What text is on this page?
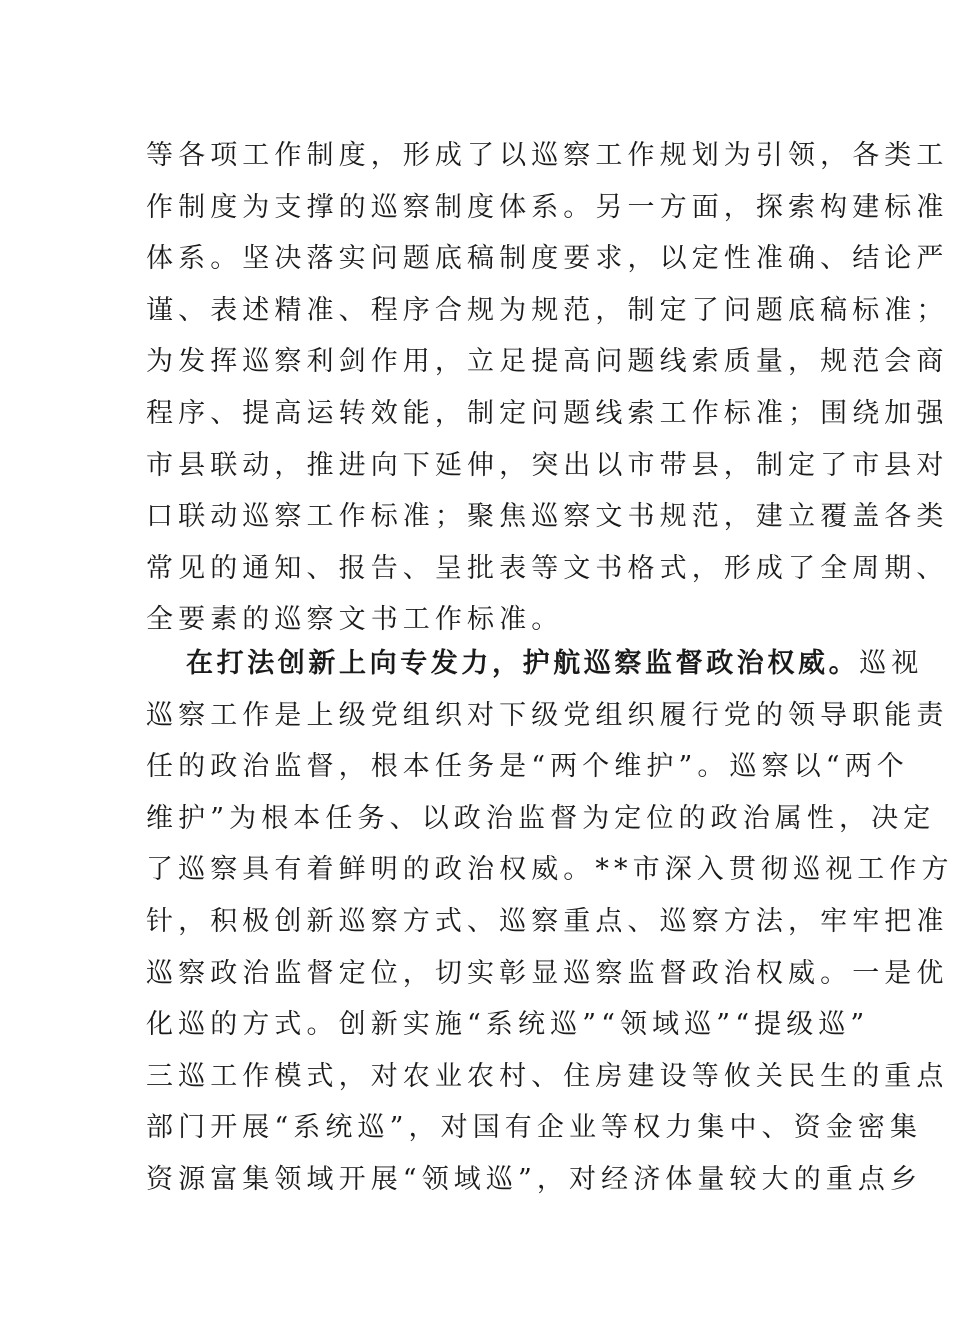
等各项工作制度，形成了以巡察工作规划为引领，各类工
作制度为支撑的巡察制度体系。另一方面，探索构建标准
体系。坚决落实问题底稿制度要求，以定性准确、结论严
谨、表述精准、程序合规为规范，制定了问题底稿标准；
为发挥巡察利剑作用，立足提高问题线索质量，规范会商
程序、提高运转效能，制定问题线索工作标准；围绕加强
市县联动，推进向下延伸，突出以市带县，制定了市县对
口联动巡察工作标准；聚焦巡察文书规范，建立覆盖各类
常见的通知、报告、呈批表等文书格式，形成了全周期、
全要素的巡察文书工作标准。
在打法创新上向专发力，护航巡察监督政治权威。巡视
巡察工作是上级党组织对下级党组织履行党的领导职能责
任的政治监督，根本任务是“两个维护”。巡察以“两个
维护”为根本任务、以政治监督为定位的政治属性，决定
了巡察具有着鲜明的政治权威。**市深入贯彻巡视工作方
针，积极创新巡察方式、巡察重点、巡察方法，牢牢把准
巡察政治监督定位，切实彰显巡察监督政治权威。一是优
化巡的方式。创新实施“系统巡”“领域巡”“提级巡”
三巡工作模式，对农业农村、住房建设等攸关民生的重点
部门开展“系统巡”，对国有企业等权力集中、资金密集
资源富集领域开展“领域巡”，对经济体量较大的重点乡
